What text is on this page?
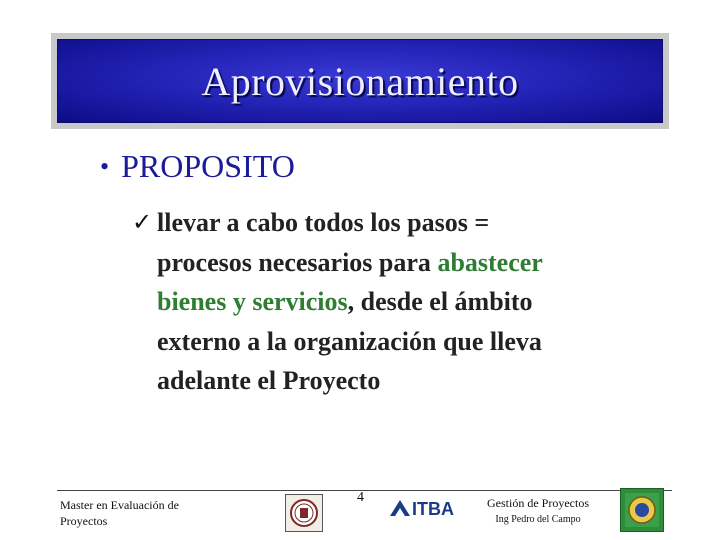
Aprovisionamiento
• PROPOSITO
✓ llevar a cabo todos los pasos =

procesos necesarios para abastecer

bienes y servicios, desde el ámbito

externo a la organización que lleva

adelante el Proyecto

Master en Evaluación de
Proyectos
4
ITBA	Gestión de Proyectos
Ing Pedro del Campo
